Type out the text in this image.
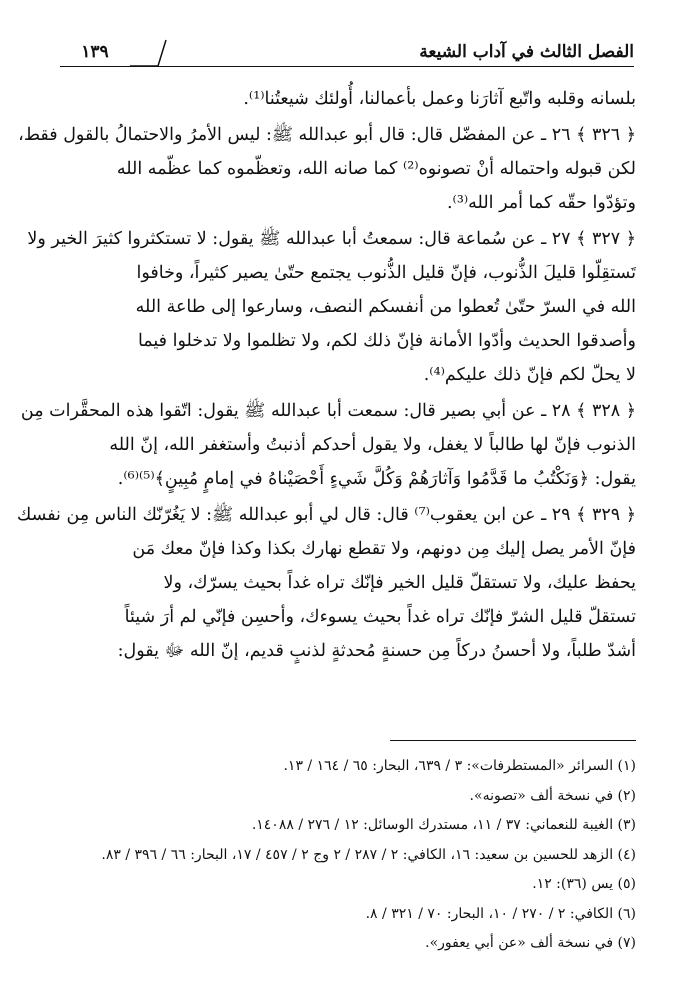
الفصل الثالث في آداب الشيعة
١٣٩
بلسانه وقلبه واتّبع آثارَنا وعمل بأعمالنا، أُولئك شيعتُنا⁽¹⁾.
﴿ ٣٢٦ ﴾ ٢٦ ـ عن المفضّل قال: قال أبو عبدالله ﷺ: ليس الأمرُ والاحتمالُ بالقول فقط،
لكن قبوله واحتماله أنْ تصونوه⁽²⁾ كما صانه الله، وتعظّموه كما عظّمه الله
وتؤدّوا حقّه كما أمر الله⁽³⁾.
﴿ ٣٢٧ ﴾ ٢٧ ـ عن سُماعة قال: سمعتُ أبا عبدالله ﷺ يقول: لا تستكثروا كثيرَ الخير ولا
تَستقِلّوا قليلَ الذُّنوب، فإنّ قليل الذُّنوب يجتمع حتّىٰ يصير كثيراً، وخافوا
الله في السرّ حتّىٰ تُعطوا من أنفسكم النصف، وسارعوا إلى طاعة الله
وأصدقوا الحديث وأدّوا الأمانة فإنّ ذلك لكم، ولا تظلموا ولا تدخلوا فيما
لا يحلّ لكم فإنّ ذلك عليكم⁽⁴⁾.
﴿ ٣٢٨ ﴾ ٢٨ ـ عن أبي بصير قال: سمعت أبا عبدالله ﷺ يقول: اتّقوا هذه المحقَّرات مِن
الذنوب فإنّ لها طالباً لا يغفل، ولا يقول أحدكم أذنبتُ وأستغفر الله، إنّ الله
يقول: ﴿وَنَكْتُبُ ما قَدَّمُوا وَآثارَهُمْ وَكُلَّ شَيءٍ أَحْصَيْناهُ في إمامٍ مُبِينٍ﴾⁽⁵⁾⁽⁶⁾.
﴿ ٣٢٩ ﴾ ٢٩ ـ عن ابن يعقوب⁽⁷⁾ قال: قال لي أبو عبدالله ﷺ: لا يَغُرّنّك الناس مِن نفسك
فإنّ الأمر يصل إليك مِن دونهم، ولا تقطع نهارك بكذا وكذا فإنّ معك مَن
يحفظ عليك، ولا تستقلّ قليل الخير فإنّك تراه غداً بحيث يسرّك، ولا
تستقلّ قليل الشرّ فإنّك تراه غداً بحيث يسوءك، وأحسِن فإنّي لم أرَ شيئاً
أشدّ طلباً، ولا أحسنُ دركاً مِن حسنةٍ مُحدثةٍ لذنبٍ قديم، إنّ الله ﷻ يقول:
(١) السرائر «المستطرفات»: ٣ / ٦٣٩، البحار: ٦٥ / ١٦٤ / ١٣.
(٢) في نسخة ألف «تصونه».
(٣) الغيبة للنعماني: ٣٧ / ١١، مستدرك الوسائل: ١٢ / ٢٧٦ / ١٤٠٨٨.
(٤) الزهد للحسين بن سعيد: ١٦، الكافي: ٢ / ٢٨٧ / ٢ وج ٢ / ٤٥٧ / ١٧، البحار: ٦٦ / ٣٩٦ / ٨٣.
(٥) يس (٣٦): ١٢.
(٦) الكافي: ٢ / ٢٧٠ / ١٠، البحار: ٧٠ / ٣٢١ / ٨.
(٧) في نسخة ألف «عن أبي يعفور».
